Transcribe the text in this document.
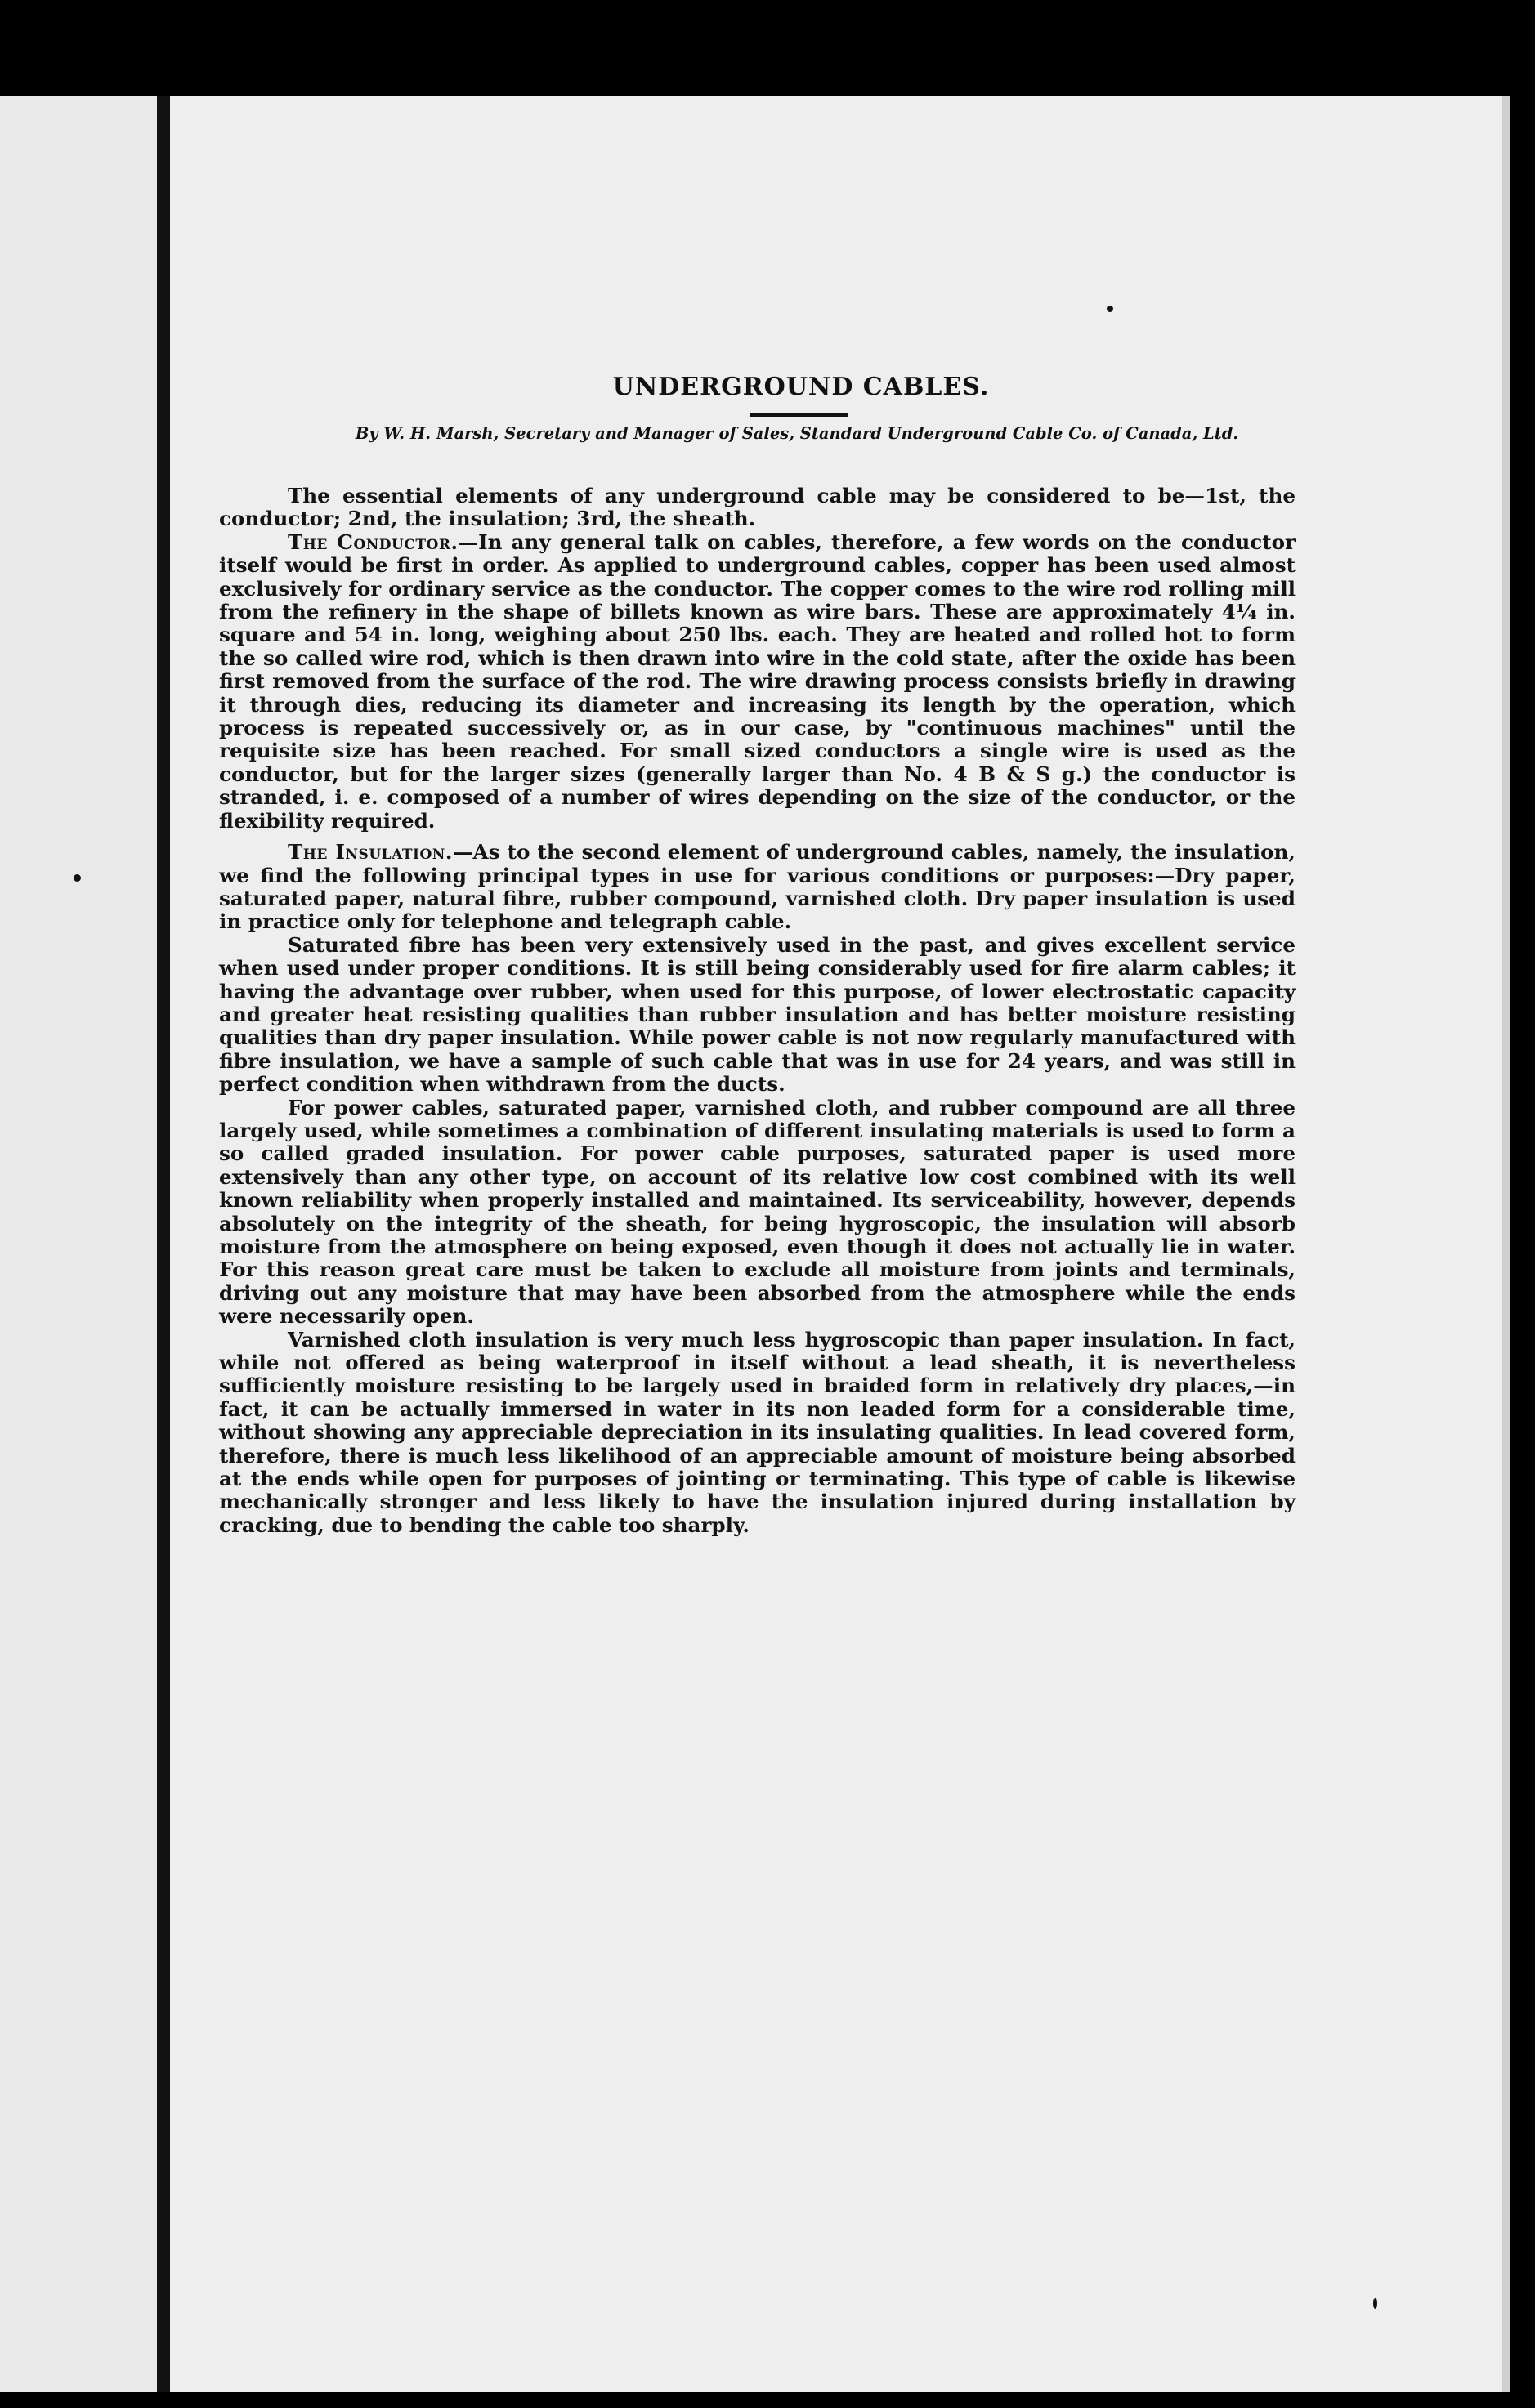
UNDERGROUND CABLES.

By W. H. Marsh, Secretary and Manager of Sales, Standard Underground Cable Co. of Canada, Ltd.

The essential elements of any underground cable may be considered to be—1st, the conductor; 2nd, the insulation; 3rd, the sheath.

The Conductor.—In any general talk on cables, therefore, a few words on the conductor itself would be first in order. As applied to underground cables, copper has been used almost exclusively for ordinary service as the conductor. The copper comes to the wire rod rolling mill from the refinery in the shape of billets known as wire bars. These are approximately 4¼ in. square and 54 in. long, weighing about 250 lbs. each. They are heated and rolled hot to form the so called wire rod, which is then drawn into wire in the cold state, after the oxide has been first removed from the surface of the rod. The wire drawing process consists briefly in drawing it through dies, reducing its diameter and increasing its length by the operation, which process is repeated successively or, as in our case, by "continuous machines" until the requisite size has been reached. For small sized conductors a single wire is used as the conductor, but for the larger sizes (generally larger than No. 4 B & S g.) the conductor is stranded, i. e. composed of a number of wires depending on the size of the conductor, or the flexibility required.

The Insulation.—As to the second element of underground cables, namely, the insulation, we find the following principal types in use for various conditions or purposes:—Dry paper, saturated paper, natural fibre, rubber compound, varnished cloth. Dry paper insulation is used in practice only for telephone and telegraph cable.

Saturated fibre has been very extensively used in the past, and gives excellent service when used under proper conditions. It is still being considerably used for fire alarm cables; it having the advantage over rubber, when used for this purpose, of lower electrostatic capacity and greater heat resisting qualities than rubber insulation and has better moisture resisting qualities than dry paper insulation. While power cable is not now regularly manufactured with fibre insulation, we have a sample of such cable that was in use for 24 years, and was still in perfect condition when withdrawn from the ducts.

For power cables, saturated paper, varnished cloth, and rubber compound are all three largely used, while sometimes a combination of different insulating materials is used to form a so called graded insulation. For power cable purposes, saturated paper is used more extensively than any other type, on account of its relative low cost combined with its well known reliability when properly installed and maintained. Its serviceability, however, depends absolutely on the integrity of the sheath, for being hygroscopic, the insulation will absorb moisture from the atmosphere on being exposed, even though it does not actually lie in water. For this reason great care must be taken to exclude all moisture from joints and terminals, driving out any moisture that may have been absorbed from the atmosphere while the ends were necessarily open.

Varnished cloth insulation is very much less hygroscopic than paper insulation. In fact, while not offered as being waterproof in itself without a lead sheath, it is nevertheless sufficiently moisture resisting to be largely used in braided form in relatively dry places,—in fact, it can be actually immersed in water in its non leaded form for a considerable time, without showing any appreciable depreciation in its insulating qualities. In lead covered form, therefore, there is much less likelihood of an appreciable amount of moisture being absorbed at the ends while open for purposes of jointing or terminating. This type of cable is likewise mechanically stronger and less likely to have the insulation injured during installation by cracking, due to bending the cable too sharply.
